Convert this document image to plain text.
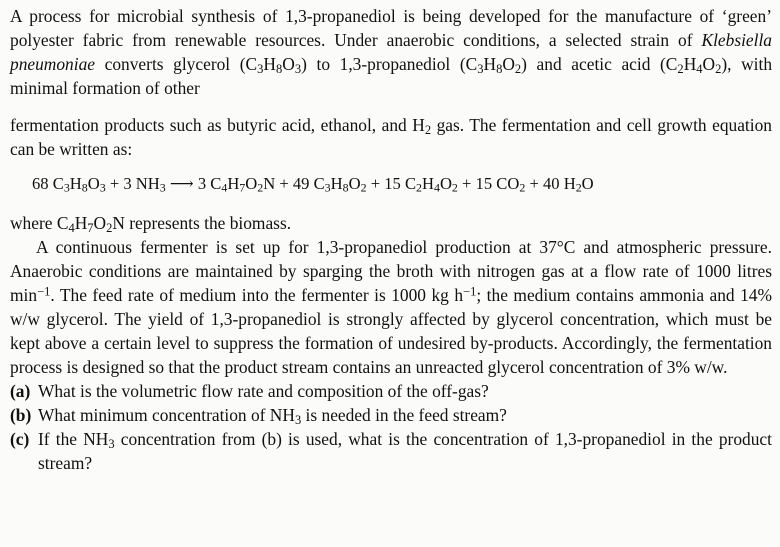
A process for microbial synthesis of 1,3-propanediol is being developed for the manufacture of ‘green’ polyester fabric from renewable resources. Under anaerobic conditions, a selected strain of Klebsiella pneumoniae converts glycerol $(C_3H_8O_3)$ to 1,3-propanediol $(C_3H_8O_2)$ and acetic acid $(C_2H_4O_2)$, with minimal formation of other

fermentation products such as butyric acid, ethanol, and $H_2$ gas. The fermentation and cell growth equation can be written as:

68 $C_3H_8O_3 + 3$ $NH_3$ ⟶ 3 $C_4H_7O_2N + 49$ $C_3H_8O_2 + 15$ $C_2H_4O_2 + 15$ $CO_2 + 40$ $H_2O$

where $C_4H_7O_2N$ represents the biomass.

A continuous fermenter is set up for 1,3-propanediol production at 37°C and atmospheric pressure. Anaerobic conditions are maintained by sparging the broth with nitrogen gas at a flow rate of 1000 litres $\min^{-1}$. The feed rate of medium into the fermenter is 1000 kg $h^{-1}$; the medium contains ammonia and 14% w/w glycerol. The yield of 1,3-propanediol is strongly affected by glycerol concentration, which must be kept above a certain level to suppress the formation of undesired by-products. Accordingly, the fermentation process is designed so that the product stream contains an unreacted glycerol concentration of 3% w/w.

(a) What is the volumetric flow rate and composition of the off-gas?
(b) What minimum concentration of $NH_3$ is needed in the feed stream?
(c) If the $NH_3$ concentration from (b) is used, what is the concentration of 1,3-propanediol in the product stream?
